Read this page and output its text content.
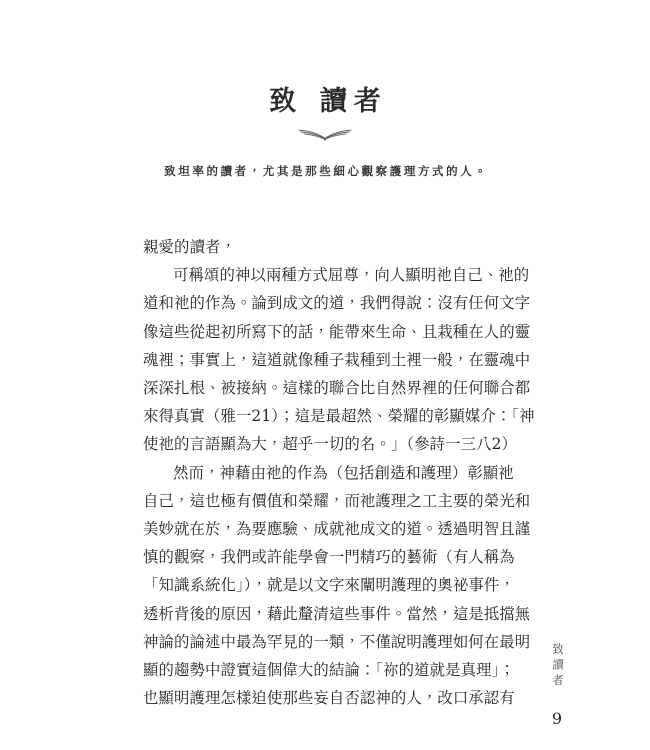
致 讀者
致坦率的讀者，尤其是那些細心觀察護理方式的人。
親愛的讀者，
可稱頌的神以兩種方式屈尊，向人顯明祂自己、祂的
道和祂的作為。論到成文的道，我們得說：沒有任何文字
像這些從起初所寫下的話，能帶來生命、且栽種在人的靈
魂裡；事實上，這道就像種子栽種到土裡一般，在靈魂中
深深扎根、被接納。這樣的聯合比自然界裡的任何聯合都
來得真實（雅一21）；這是最超然、榮耀的彰顯媒介：「神
使祂的言語顯為大，超乎一切的名。」（參詩一三八2）
然而，神藉由祂的作為（包括創造和護理）彰顯祂
自己，這也極有價值和榮耀，而祂護理之工主要的榮光和
美妙就在於，為要應驗、成就祂成文的道。透過明智且謹
慎的觀察，我們或許能學會一門精巧的藝術（有人稱為
「知識系統化」），就是以文字來闡明護理的奧祕事件，
透析背後的原因，藉此釐清這些事件。當然，這是抵擋無
神論的論述中最為罕見的一類，不僅說明護理如何在最明
顯的趨勢中證實這個偉大的結論：「祢的道就是真理」；
也顯明護理怎樣迫使那些妄自否認神的人，改口承認有
致讀者
9
